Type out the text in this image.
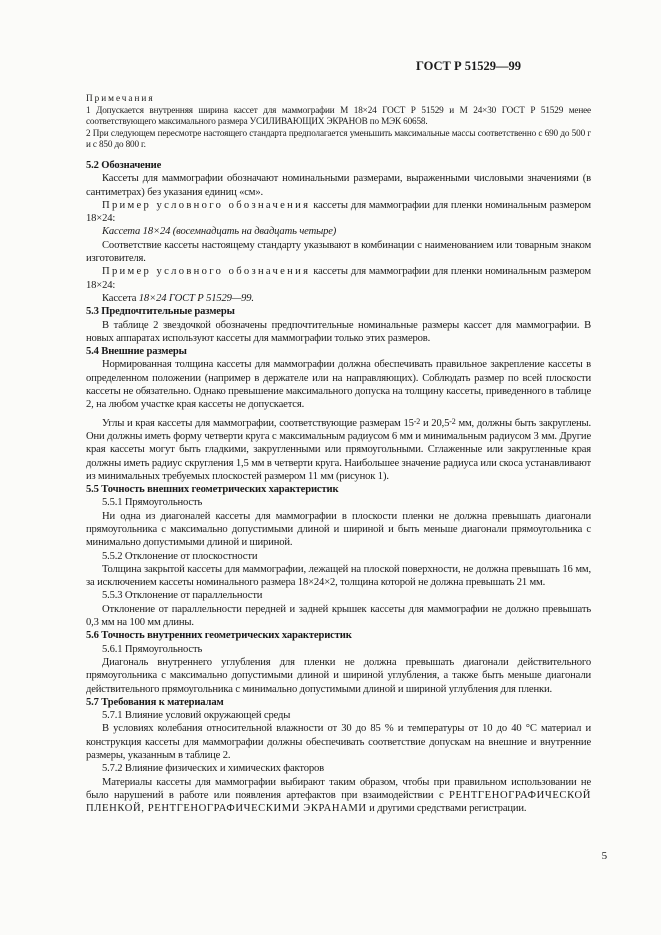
ГОСТ Р 51529—99

Примечания

1 Допускается внутренняя ширина кассет для маммографии М 18×24 ГОСТ Р 51529 и М 24×30 ГОСТ Р 51529 менее соответствующего максимального размера УСИЛИВАЮЩИХ ЭКРАНОВ по МЭК 60658.

2 При следующем пересмотре настоящего стандарта предполагается уменьшить максимальные массы соответственно с 690 до 500 г и с 850 до 800 г.

5.2 Обозначение

Кассеты для маммографии обозначают номинальными размерами, выраженными числовыми значениями (в сантиметрах) без указания единиц «см».

Пример условного обозначения кассеты для маммографии для пленки номинальным размером 18×24:

Кассета 18×24 (восемнадцать на двадцать четыре)

Соответствие кассеты настоящему стандарту указывают в комбинации с наименованием или товарным знаком изготовителя.

Пример условного обозначения кассеты для маммографии для пленки номинальным размером 18×24:

Кассета 18×24 ГОСТ Р 51529—99.

5.3 Предпочтительные размеры

В таблице 2 звездочкой обозначены предпочтительные номинальные размеры кассет для маммографии. В новых аппаратах используют кассеты для маммографии только этих размеров.

5.4 Внешние размеры

Нормированная толщина кассеты для маммографии должна обеспечивать правильное закрепление кассеты в определенном положении (например в держателе или на направляющих). Соблюдать размер по всей плоскости кассеты не обязательно. Однако превышение максимального допуска на толщину кассеты, приведенного в таблице 2, на любом участке края кассеты не допускается.

Углы и края кассеты для маммографии, соответствующие размерам 15-2 и 20,5-2 мм, должны быть закруглены. Они должны иметь форму четверти круга с максимальным радиусом 6 мм и минимальным радиусом 3 мм. Другие края кассеты могут быть гладкими, закругленными или прямоугольными. Сглаженные или закругленные края должны иметь радиус скругления 1,5 мм в четверти круга. Наибольшее значение радиуса или скоса устанавливают из минимальных требуемых плоскостей размером 11 мм (рисунок 1).

5.5 Точность внешних геометрических характеристик

5.5.1 Прямоугольность

Ни одна из диагоналей кассеты для маммографии в плоскости пленки не должна превышать диагонали прямоугольника с максимально допустимыми длиной и шириной и быть меньше диагонали прямоугольника с минимально допустимыми длиной и шириной.

5.5.2 Отклонение от плоскостности

Толщина закрытой кассеты для маммографии, лежащей на плоской поверхности, не должна превышать 16 мм, за исключением кассеты номинального размера 18×24×2, толщина которой не должна превышать 21 мм.

5.5.3 Отклонение от параллельности

Отклонение от параллельности передней и задней крышек кассеты для маммографии не должно превышать 0,3 мм на 100 мм длины.

5.6 Точность внутренних геометрических характеристик

5.6.1 Прямоугольность

Диагональ внутреннего углубления для пленки не должна превышать диагонали действительного прямоугольника с максимально допустимыми длиной и шириной углубления, а также быть меньше диагонали действительного прямоугольника с минимально допустимыми длиной и шириной углубления для пленки.

5.7 Требования к материалам

5.7.1 Влияние условий окружающей среды

В условиях колебания относительной влажности от 30 до 85 % и температуры от 10 до 40 °С материал и конструкция кассеты для маммографии должны обеспечивать соответствие допускам на внешние и внутренние размеры, указанным в таблице 2.

5.7.2 Влияние физических и химических факторов

Материалы кассеты для маммографии выбирают таким образом, чтобы при правильном использовании не было нарушений в работе или появления артефактов при взаимодействии с РЕНТГЕНОГРАФИЧЕСКОЙ ПЛЕНКОЙ, РЕНТГЕНОГРАФИЧЕСКИМИ ЭКРАНАМИ и другими средствами регистрации.

5
